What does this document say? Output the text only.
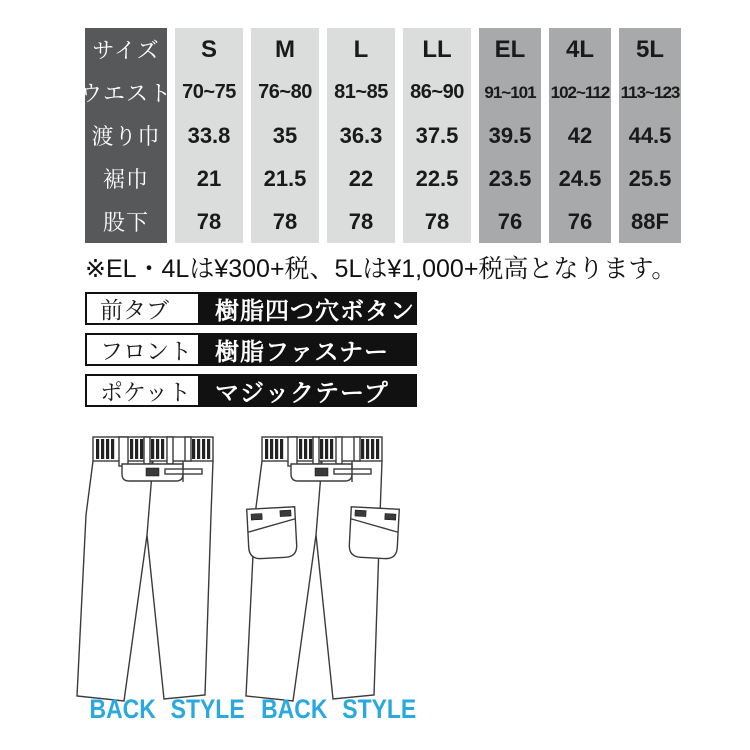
サイズ
ウエスト
渡り巾
裾巾
股下
S
70~75
33.8
21
78
M
76~80
35
21.5
78
L
81~85
36.3
22
78
LL
86~90
37.5
22.5
78
EL
91~101
39.5
23.5
76
4L
102~112
42
24.5
76
5L
113~123
44.5
25.5
88F
※EL・4Lは¥300+税、5Lは¥1,000+税高となります。
前タブ	樹脂四つ穴ボタン
フロント 樹脂ファスナー
ポケット	マジックテープ
BACK STYLE BACK STYLE
